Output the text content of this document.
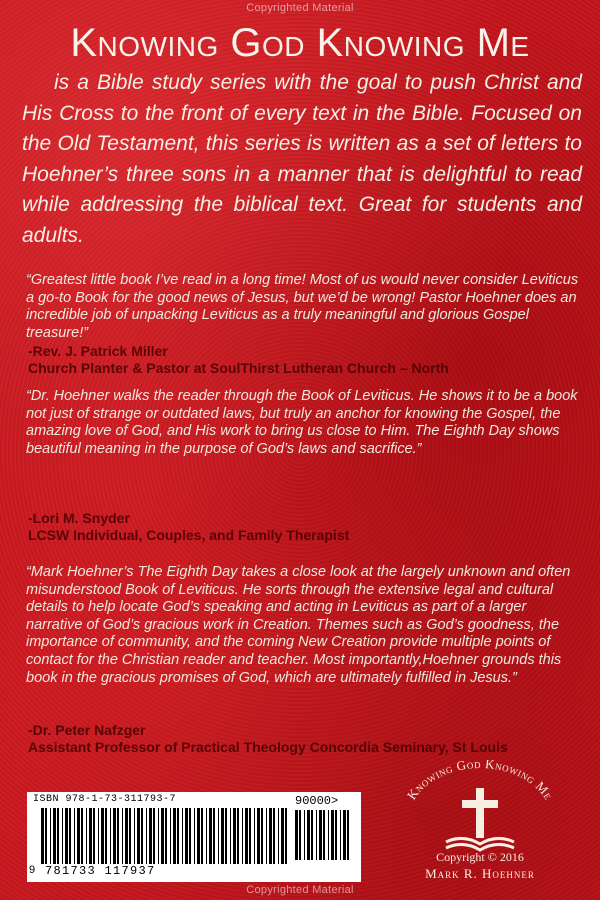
Copyrighted Material
Knowing God Knowing Me
is a Bible study series with the goal to push Christ and His Cross to the front of every text in the Bible. Focused on the Old Testament, this series is written as a set of letters to Hoehner’s three sons in a manner that is delightful to read while addressing the biblical text. Great for students and adults.
“Greatest little book I’ve read in a long time! Most of us would never consider Leviticus a go-to Book for the good news of Jesus, but we’d be wrong! Pastor Hoehner does an incredible job of unpacking Leviticus as a truly meaningful and glorious Gospel treasure!”
-Rev. J. Patrick Miller
Church Planter & Pastor at SoulThirst Lutheran Church – North
“Dr. Hoehner walks the reader through the Book of Leviticus. He shows it to be a book not just of strange or outdated laws, but truly an anchor for knowing the Gospel, the amazing love of God, and His work to bring us close to Him. The Eighth Day shows beautiful meaning in the purpose of God’s laws and sacrifice.”
-Lori M. Snyder
LCSW Individual, Couples, and Family Therapist
“Mark Hoehner’s The Eighth Day takes a close look at the largely unknown and often misunderstood Book of Leviticus. He sorts through the extensive legal and cultural details to help locate God’s speaking and acting in Leviticus as part of a larger narrative of God’s gracious work in Creation. Themes such as God’s goodness, the importance of community, and the coming New Creation provide multiple points of contact for the Christian reader and teacher. Most importantly,Hoehner grounds this book in the gracious promises of God, which are ultimately fulfilled in Jesus.”
-Dr. Peter Nafzger
Assistant Professor of Practical Theology Concordia Seminary, St Louis
ISBN 978-1-73-311793-7	90000>
9 781733 117937
Knowing God Knowing Me
Copyright © 2016
Mark R. Hoehner
Copyrighted Material
